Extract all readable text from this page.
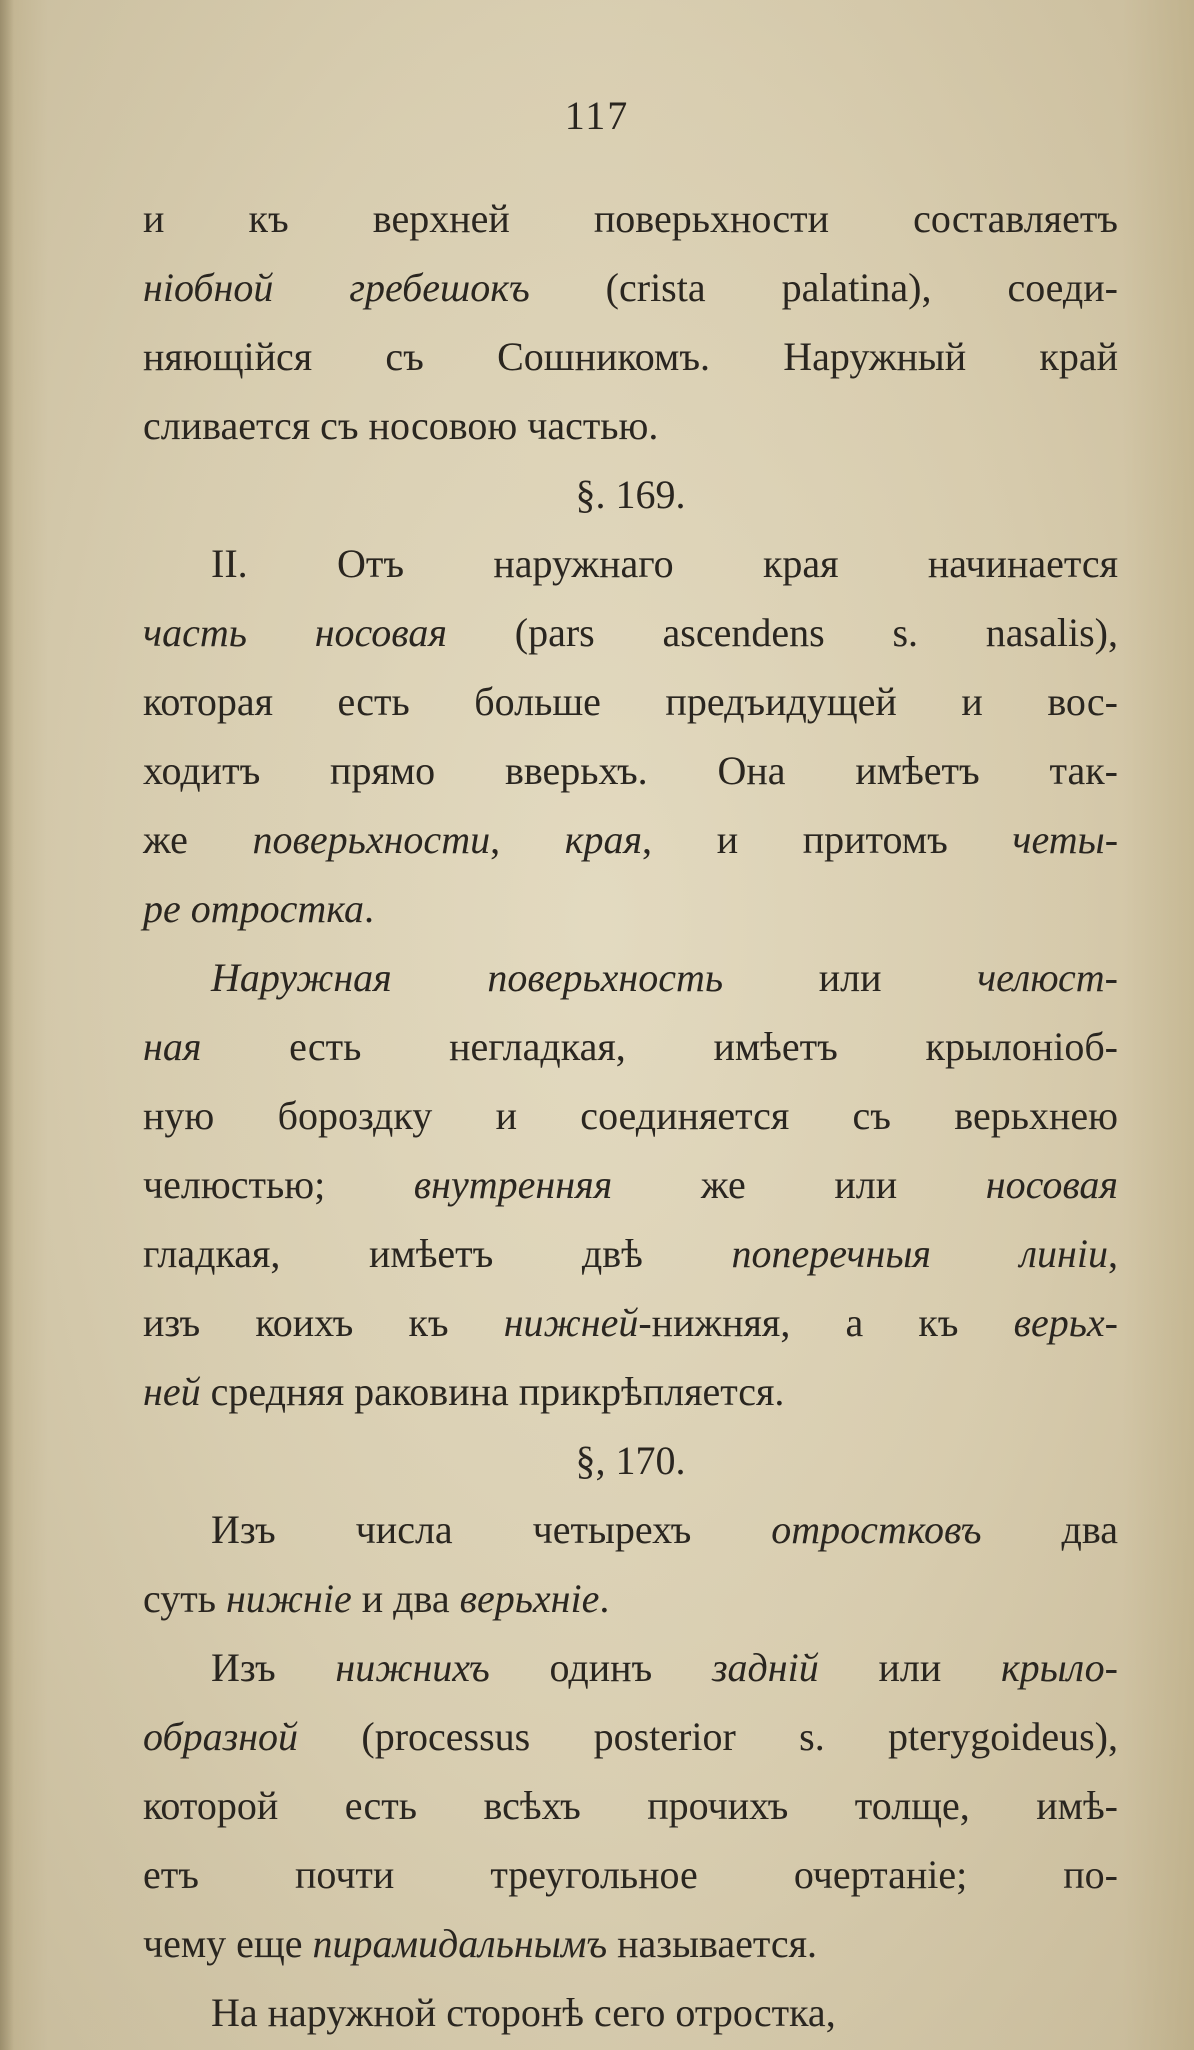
117
и къ верхней поверьхности составляетъ
ніобной гребешокъ (crista palatina), соеди-
няющійся съ Сошникомъ. Наружный край
сливается съ носовою частью.
§. 169.
II. Отъ наружнаго края начинается
часть носовая (pars ascendens s. nasalis),
которая есть больше предъидущей и вос-
ходитъ прямо вверьхъ. Она имѣетъ так-
же поверьхности, края, и притомъ четы-
ре отростка.
Наружная поверьхность или челюст-
ная есть негладкая, имѣетъ крылоніоб-
ную бороздку и соединяется съ верьхнею
челюстью; внутренняя же или носовая
гладкая, имѣетъ двѣ поперечныя линіи,
изъ коихъ къ нижней-нижняя, а къ верьх-
ней средняя раковина прикрѣпляется.
§, 170.
Изъ числа четырехъ отростковъ два
суть нижніе и два верьхніе.
Изъ нижнихъ одинъ задній или крыло-
образной (processus posterior s. pterygoideus),
которой есть всѣхъ прочихъ толще, имѣ-
етъ почти треугольное очертаніе; по-
чему еще пирамидальнымъ называется.
На наружной сторонѣ сего отростка,
